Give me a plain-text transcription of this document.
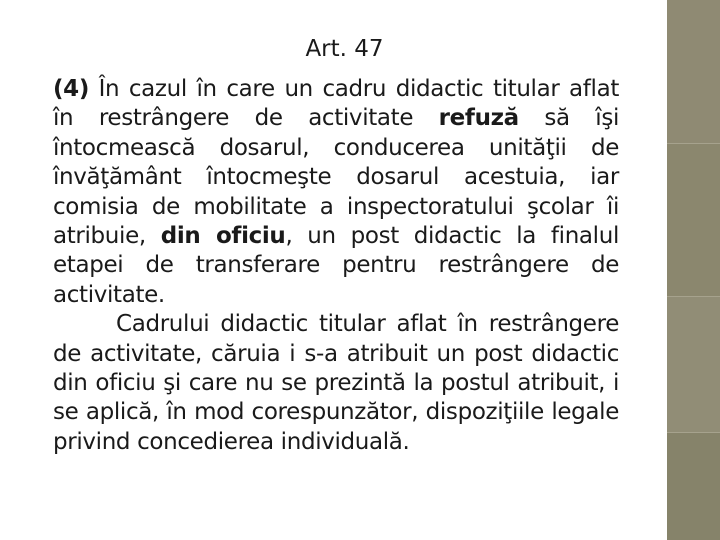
Art. 47

(4) În cazul în care un cadru didactic titular aflat în restrângere de activitate refuză să îşi întocmească dosarul, conducerea unităţii de învăţământ întocmeşte dosarul acestuia, iar comisia de mobilitate a inspectoratului şcolar îi atribuie, din oficiu, un post didactic la finalul etapei de transferare pentru restrângere de activitate.

Cadrului didactic titular aflat în restrângere de activitate, căruia i s-a atribuit un post didactic din oficiu şi care nu se prezintă la postul atribuit, i se aplică, în mod corespunzător, dispoziţiile legale privind concedierea individuală.
